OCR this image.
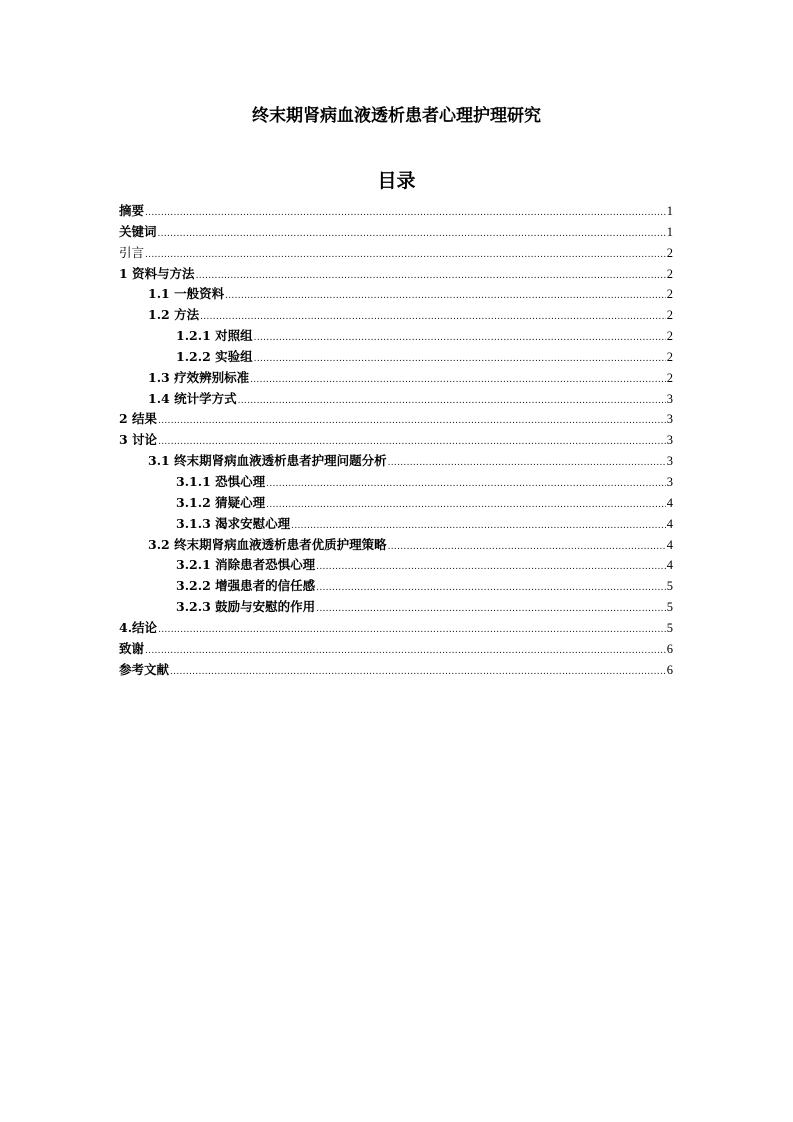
终末期肾病血液透析患者心理护理研究
目录
摘要 .....	1
关键词 .....	1
引言 .....	2
1 资料与方法 .....	2
1.1 一般资料 .....	2
1.2 方法 .....	2
1.2.1 对照组 .....	2
1.2.2 实验组 .....	2
1.3 疗效辨别标准 .....	2
1.4 统计学方式 .....	3
2 结果 .....	3
3 讨论 .....	3
3.1 终末期肾病血液透析患者护理问题分析 .....	3
3.1.1 恐惧心理 .....	3
3.1.2 猜疑心理 .....	4
3.1.3 渴求安慰心理 .....	4
3.2 终末期肾病血液透析患者优质护理策略 .....	4
3.2.1 消除患者恐惧心理 .....	4
3.2.2 增强患者的信任感 .....	5
3.2.3 鼓励与安慰的作用 .....	5
4.结论 .....	5
致谢 .....	6
参考文献 .....	6
